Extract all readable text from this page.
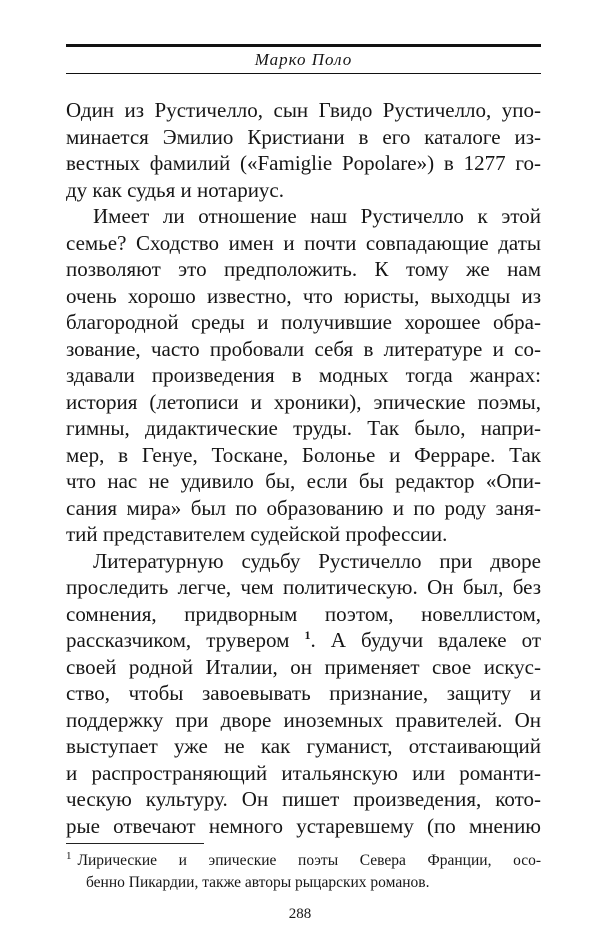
Марко Поло
Один из Рустичелло, сын Гвидо Рустичелло, упо-
минается Эмилио Кристиани в его каталоге из-
вестных фамилий («Famiglie Popolare») в 1277 го-
ду как судья и нотариус.
Имеет ли отношение наш Рустичелло к этой
семье? Сходство имен и почти совпадающие даты
позволяют это предположить. К тому же нам
очень хорошо известно, что юристы, выходцы из
благородной среды и получившие хорошее обра-
зование, часто пробовали себя в литературе и со-
здавали произведения в модных тогда жанрах:
история (летописи и хроники), эпические поэмы,
гимны, дидактические труды. Так было, напри-
мер, в Генуе, Тоскане, Болонье и Ферраре. Так
что нас не удивило бы, если бы редактор «Опи-
сания мира» был по образованию и по роду заня-
тий представителем судейской профессии.
Литературную судьбу Рустичелло при дворе
проследить легче, чем политическую. Он был, без
сомнения, придворным поэтом, новеллистом,
рассказчиком, трувером $^1$. А будучи вдалеке от
своей родной Италии, он применяет свое искус-
ство, чтобы завоевывать признание, защиту и
поддержку при дворе иноземных правителей. Он
выступает уже не как гуманист, отстаивающий
и распространяющий итальянскую или романти-
ческую культуру. Он пишет произведения, кото-
рые отвечают немного устаревшему (по мнению
$^1$ Лирические и эпические поэты Севера Франции, осо-
бенно Пикардии, также авторы рыцарских романов.
288
